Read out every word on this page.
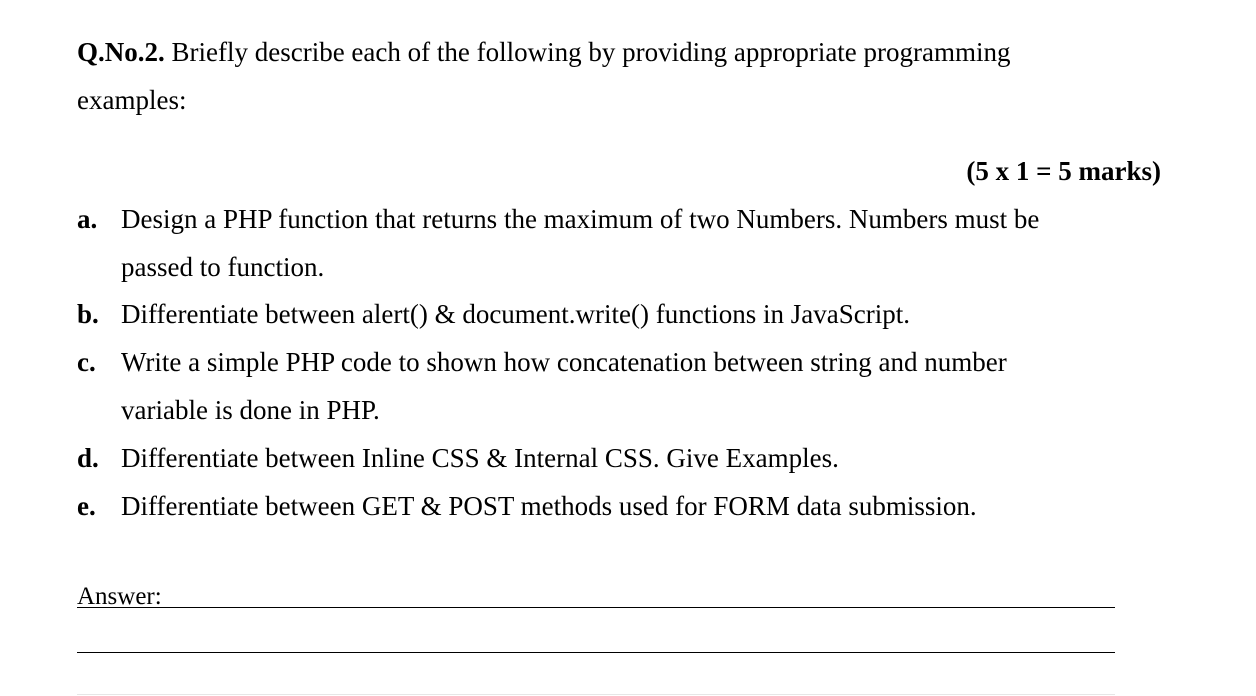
Q.No.2. Briefly describe each of the following by providing appropriate programming
examples:
(5 x 1 = 5 marks)
a. Design a PHP function that returns the maximum of two Numbers. Numbers must be
passed to function.
b. Differentiate between alert() & document.write() functions in JavaScript.
c. Write a simple PHP code to shown how concatenation between string and number
variable is done in PHP.
d. Differentiate between Inline CSS & Internal CSS. Give Examples.
e. Differentiate between GET & POST methods used for FORM data submission.
Answer:
